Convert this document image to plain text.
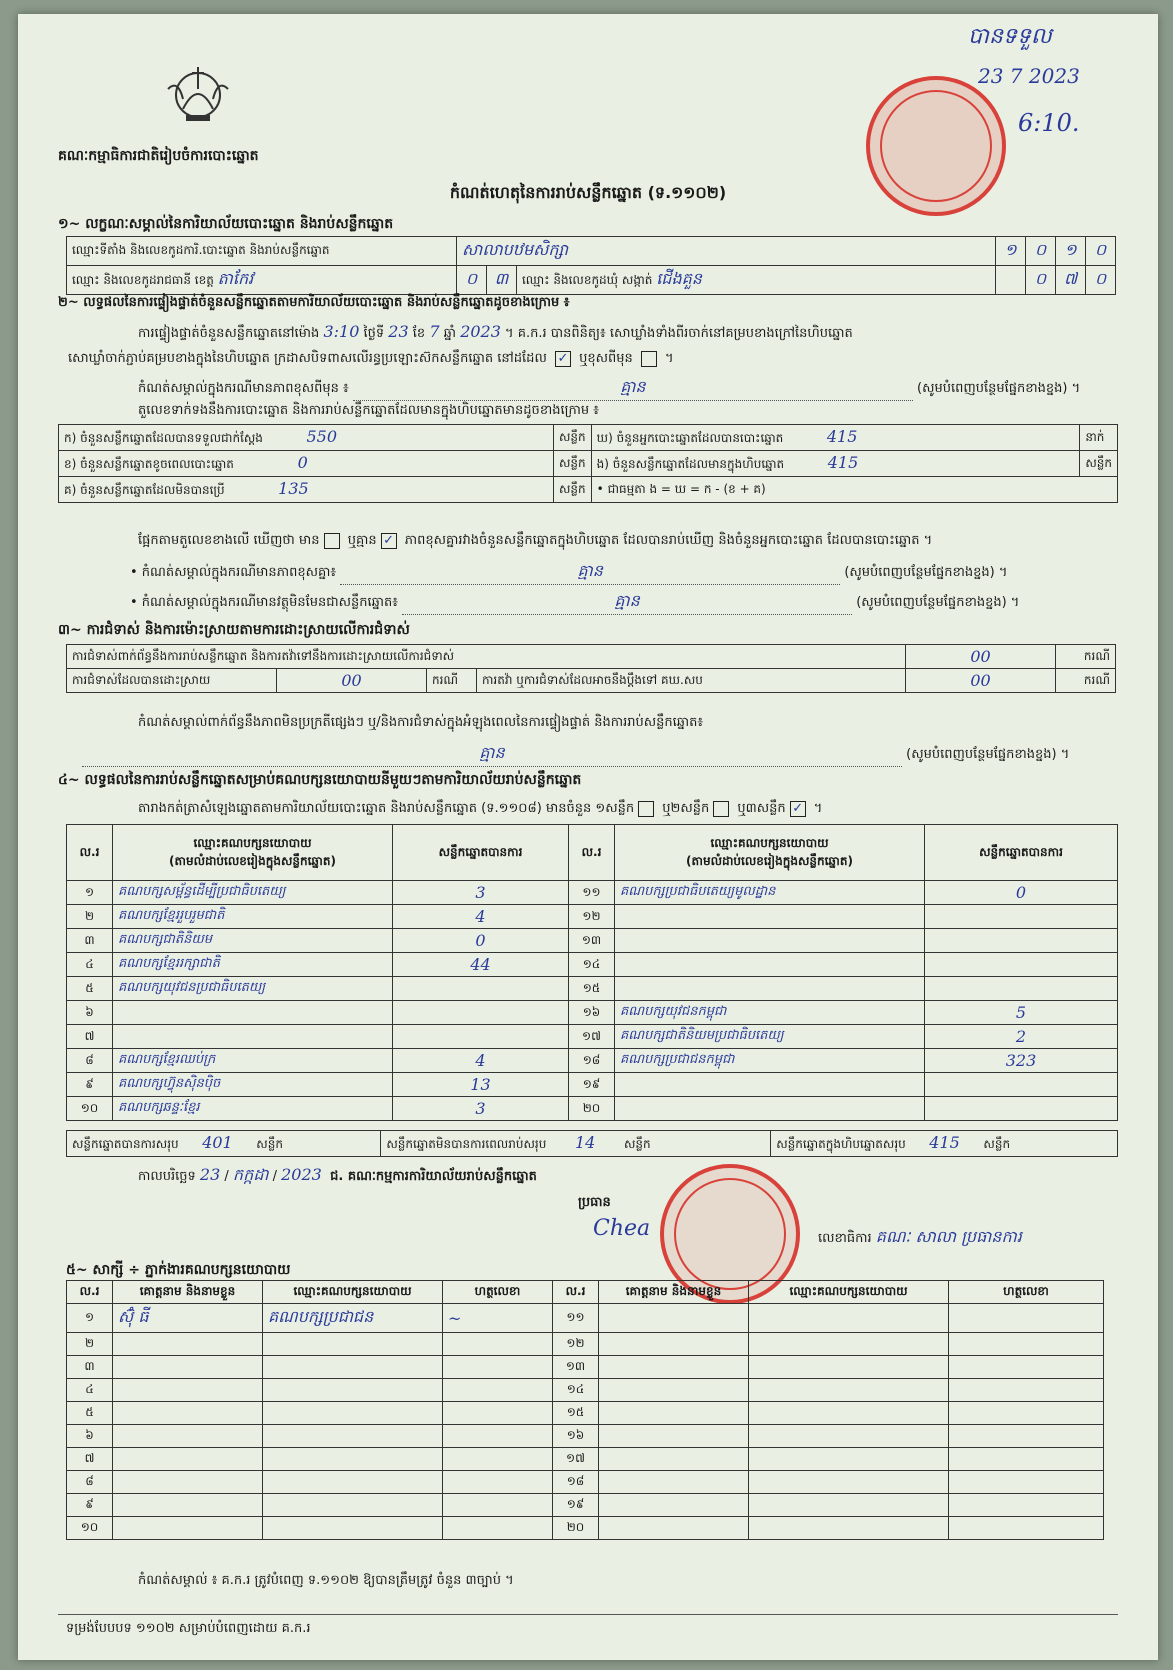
គណៈកម្មាធិការជាតិរៀបចំការបោះឆ្នោត
កំណត់ហេតុនៃការរាប់សន្លឹកឆ្នោត (ទ.១១០២)
បានទទួល
23 7 2023
6:10.
១~ លក្ខណៈសម្គាល់នៃការិយាល័យបោះឆ្នោត និងរាប់សន្លឹកឆ្នោត
ឈ្មោះទីតាំង និងលេខកូដការិ.បោះឆ្នោត និងរាប់សន្លឹកឆ្នោត	សាលាបឋមសិក្សា			១	០	១	០
ឈ្មោះ និងលេខកូដរាជធានី ខេត្ត តាកែវ	០	៣	ឈ្មោះ និងលេខកូដឃុំ សង្កាត់ ជើងគួន		០	៧	០
២~ លទ្ធផលនៃការផ្ទៀងផ្ទាត់ចំនួនសន្លឹកឆ្នោតតាមការិយាល័យបោះឆ្នោត និងរាប់សន្លឹកឆ្នោតដូចខាងក្រោម ៖
ការផ្ទៀងផ្ទាត់ចំនួនសន្លឹកឆ្នោតនៅម៉ោង 3:10 ថ្ងៃទី 23 ខែ 7 ឆ្នាំ 2023 ។ គ.ក.រ បានពិនិត្យ៖ សោឃ្លាំងទាំងពីរចាក់នៅគម្របខាងក្រៅនៃហិបឆ្នោត
សោឃ្លាំចាក់ភ្ជាប់គម្របខាងក្នុងនៃហិបឆ្នោត ក្រដាសបិទពាសលើរន្ធប្រឡោះស៊កសន្លឹកឆ្នោត នៅដដែល ✓ ឬខុសពីមុន  ។
កំណត់សម្គាល់ក្នុងករណីមានភាពខុសពីមុន ៖	គ្មាន	(សូមបំពេញបន្ថែមផ្នែកខាងខ្នង) ។
តួលេខទាក់ទងនឹងការបោះឆ្នោត និងការរាប់សន្លឹកឆ្នោតដែលមានក្នុងហិបឆ្នោតមានដូចខាងក្រោម ៖
ក) ចំនួនសន្លឹកឆ្នោតដែលបានទទួលជាក់ស្តែង 550	សន្លឹក	ឃ) ចំនួនអ្នកបោះឆ្នោតដែលបានបោះឆ្នោត 415	នាក់
ខ) ចំនួនសន្លឹកឆ្នោតខូចពេលបោះឆ្នោត 0	សន្លឹក	ង) ចំនួនសន្លឹកឆ្នោតដែលមានក្នុងហិបឆ្នោត 415	សន្លឹក
គ) ចំនួនសន្លឹកឆ្នោតដែលមិនបានប្រើ 135	សន្លឹក	• ជាធម្មតា ង = ឃ = ក - (ខ + គ)	
ផ្អែកតាមតួលេខខាងលើ ឃើញថា មាន ឬគ្មាន ✓ ភាពខុសគ្នារវាងចំនួនសន្លឹកឆ្នោតក្នុងហិបឆ្នោត ដែលបានរាប់ឃើញ និងចំនួនអ្នកបោះឆ្នោត ដែលបានបោះឆ្នោត ។
• កំណត់សម្គាល់ក្នុងករណីមានភាពខុសគ្នា៖	គ្មាន	(សូមបំពេញបន្ថែមផ្នែកខាងខ្នង) ។
• កំណត់សម្គាល់ក្នុងករណីមានវត្ថុមិនមែនជាសន្លឹកឆ្នោត៖	គ្មាន	(សូមបំពេញបន្ថែមផ្នែកខាងខ្នង) ។
៣~ ការជំទាស់ និងការម៉ោះស្រាយតាមការដោះស្រាយលើការជំទាស់
ការជំទាស់ពាក់ព័ន្ធនឹងការរាប់សន្លឹកឆ្នោត និងការតវ៉ាទៅនឹងការដោះស្រាយលើការជំទាស់				00	ករណី
ការជំទាស់ដែលបានដោះស្រាយ	00	ករណី	ការតវ៉ា ឬការជំទាស់ដែលអាចនឹងប្តឹងទៅ គឃ.សប	00	ករណី
កំណត់សម្គាល់ពាក់ព័ន្ធនឹងភាពមិនប្រក្រតីផ្សេងៗ ឬ/និងការជំទាស់ក្នុងអំឡុងពេលនៃការផ្ទៀងផ្ទាត់ និងការរាប់សន្លឹកឆ្នោត៖
គ្មាន	(សូមបំពេញបន្ថែមផ្នែកខាងខ្នង) ។
៤~ លទ្ធផលនៃការរាប់សន្លឹកឆ្នោតសម្រាប់គណបក្សនយោបាយនីមួយៗតាមការិយាល័យរាប់សន្លឹកឆ្នោត
តារាងកត់ត្រាសំឡេងឆ្នោតតាមការិយាល័យបោះឆ្នោត និងរាប់សន្លឹកឆ្នោត (ទ.១១០៨) មានចំនួន ១សន្លឹក ឬ២សន្លឹក ឬ៣សន្លឹក ✓ ។
ល.រ	ឈ្មោះគណបក្សនយោបាយ
(តាមលំដាប់លេខរៀងក្នុងសន្លឹកឆ្នោត)	សន្លឹកឆ្នោតបានការ	ល.រ	ឈ្មោះគណបក្សនយោបាយ
(តាមលំដាប់លេខរៀងក្នុងសន្លឹកឆ្នោត)	សន្លឹកឆ្នោតបានការ
១	គណបក្សសម្ព័ន្ធដើម្បីប្រជាធិបតេយ្យ	3	១១	គណបក្សប្រជាធិបតេយ្យមូលដ្ឋាន	0
២	គណបក្សខ្មែររួបរួមជាតិ	4	១២		
៣	គណបក្សជាតិនិយម	0	១៣		
៤	គណបក្សខ្មែររក្សាជាតិ	44	១៤		
៥	គណបក្សយុវជនប្រជាធិបតេយ្យ		១៥		
៦			១៦	គណបក្សយុវជនកម្ពុជា	5
៧			១៧	គណបក្សជាតិនិយមប្រជាធិបតេយ្យ	2
៨	គណបក្សខ្មែរឈប់ក្រ	4	១៨	គណបក្សប្រជាជនកម្ពុជា	323
៩	គណបក្សហ៊្វុនស៊ិនប៉ិច	13	១៩		
១០	គណបក្សឆន្ទៈខ្មែរ	3	២០		
សន្លឹកឆ្នោតបានការសរុប 401 សន្លឹក	សន្លឹកឆ្នោតមិនបានការពេលរាប់សរុប 14 សន្លឹក	សន្លឹកឆ្នោតក្នុងហិបឆ្នោតសរុប 415 សន្លឹក
កាលបរិច្ឆេទ 23 / កក្កដា / 2023 ជ. គណៈកម្មការការិយាល័យរាប់សន្លឹកឆ្នោត
ប្រធាន
Chea	លេខាធិការ គណៈ សាលា ប្រធានការ
៥~ សាក្សី ÷ ភ្នាក់ងារគណបក្សនយោបាយ
ល.រ	គោត្តនាម និងនាមខ្លួន	ឈ្មោះគណបក្សនយោបាយ	ហត្ថលេខា	ល.រ	គោត្តនាម និងនាមខ្លួន	ឈ្មោះគណបក្សនយោបាយ	ហត្ថលេខា
១	ស៊ុំ ធី	គណបក្សប្រជាជន	~	១១			
២				១២			
៣				១៣			
៤				១៤			
៥				១៥			
៦				១៦			
៧				១៧			
៨				១៨			
៩				១៩			
១០				២០			
កំណត់សម្គាល់ ៖ គ.ក.រ ត្រូវបំពេញ ទ.១១០២ ឱ្យបានត្រឹមត្រូវ ចំនួន ៣ច្បាប់ ។
ទម្រង់បែបបទ ១១០២ សម្រាប់បំពេញដោយ គ.ក.រ
